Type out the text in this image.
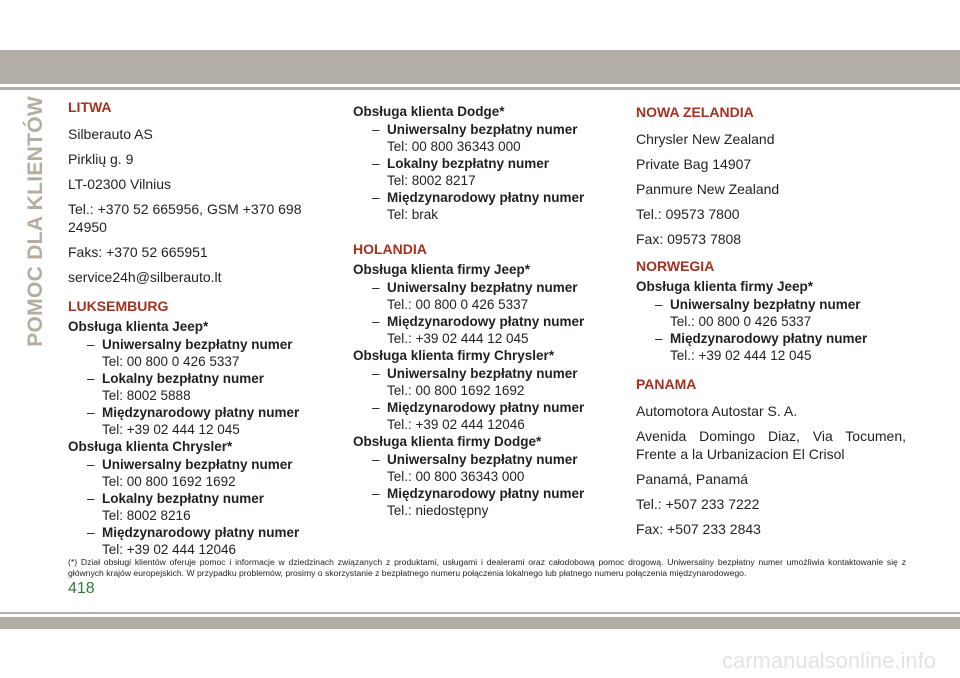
POMOC DLA KLIENTÓW	LITWA
Silberauto AS
Pirklių g. 9
LT-02300 Vilnius
Tel.: +370 52 665956, GSM +370 698 24950
Faks: +370 52 665951
service24h@silberauto.lt
LUKSEMBURG
Obsługa klienta Jeep*
– Uniwersalny bezpłatny numer
Tel: 00 800 0 426 5337
– Lokalny bezpłatny numer
Tel: 8002 5888
– Międzynarodowy płatny numer
Tel: +39 02 444 12 045
Obsługa klienta Chrysler*
– Uniwersalny bezpłatny numer
Tel: 00 800 1692 1692
– Lokalny bezpłatny numer
Tel: 8002 8216
– Międzynarodowy płatny numer
Tel: +39 02 444 12046
Obsługa klienta Dodge*
– Uniwersalny bezpłatny numer
Tel: 00 800 36343 000
– Lokalny bezpłatny numer
Tel: 8002 8217
– Międzynarodowy płatny numer
Tel: brak
HOLANDIA
Obsługa klienta firmy Jeep*
– Uniwersalny bezpłatny numer
Tel.: 00 800 0 426 5337
– Międzynarodowy płatny numer
Tel.: +39 02 444 12 045
Obsługa klienta firmy Chrysler*
– Uniwersalny bezpłatny numer
Tel.: 00 800 1692 1692
– Międzynarodowy płatny numer
Tel.: +39 02 444 12046
Obsługa klienta firmy Dodge*
– Uniwersalny bezpłatny numer
Tel.: 00 800 36343 000
– Międzynarodowy płatny numer
Tel.: niedostępny
NOWA ZELANDIA
Chrysler New Zealand
Private Bag 14907
Panmure New Zealand
Tel.: 09573 7800
Fax: 09573 7808
NORWEGIA
Obsługa klienta firmy Jeep*
– Uniwersalny bezpłatny numer
Tel.: 00 800 0 426 5337
– Międzynarodowy płatny numer
Tel.: +39 02 444 12 045
PANAMA
Automotora Autostar S. A.
Avenida Domingo Diaz, Via Tocumen, Frente a la Urbanizacion El Crisol
Panamá, Panamá
Tel.: +507 233 7222
Fax: +507 233 2843
(*) Dział obsługi klientów oferuje pomoc i informacje w dziedzinach związanych z produktami, usługami i dealerami oraz całodobową pomoc drogową. Uniwersalny bezpłatny numer umożliwia kontaktowanie się z głównych krajów europejskich. W przypadku problemów, prosimy o skorzystanie z bezpłatnego numeru połączenia lokalnego lub płatnego numeru połączenia międzynarodowego.
418
carmanualsonline.info
